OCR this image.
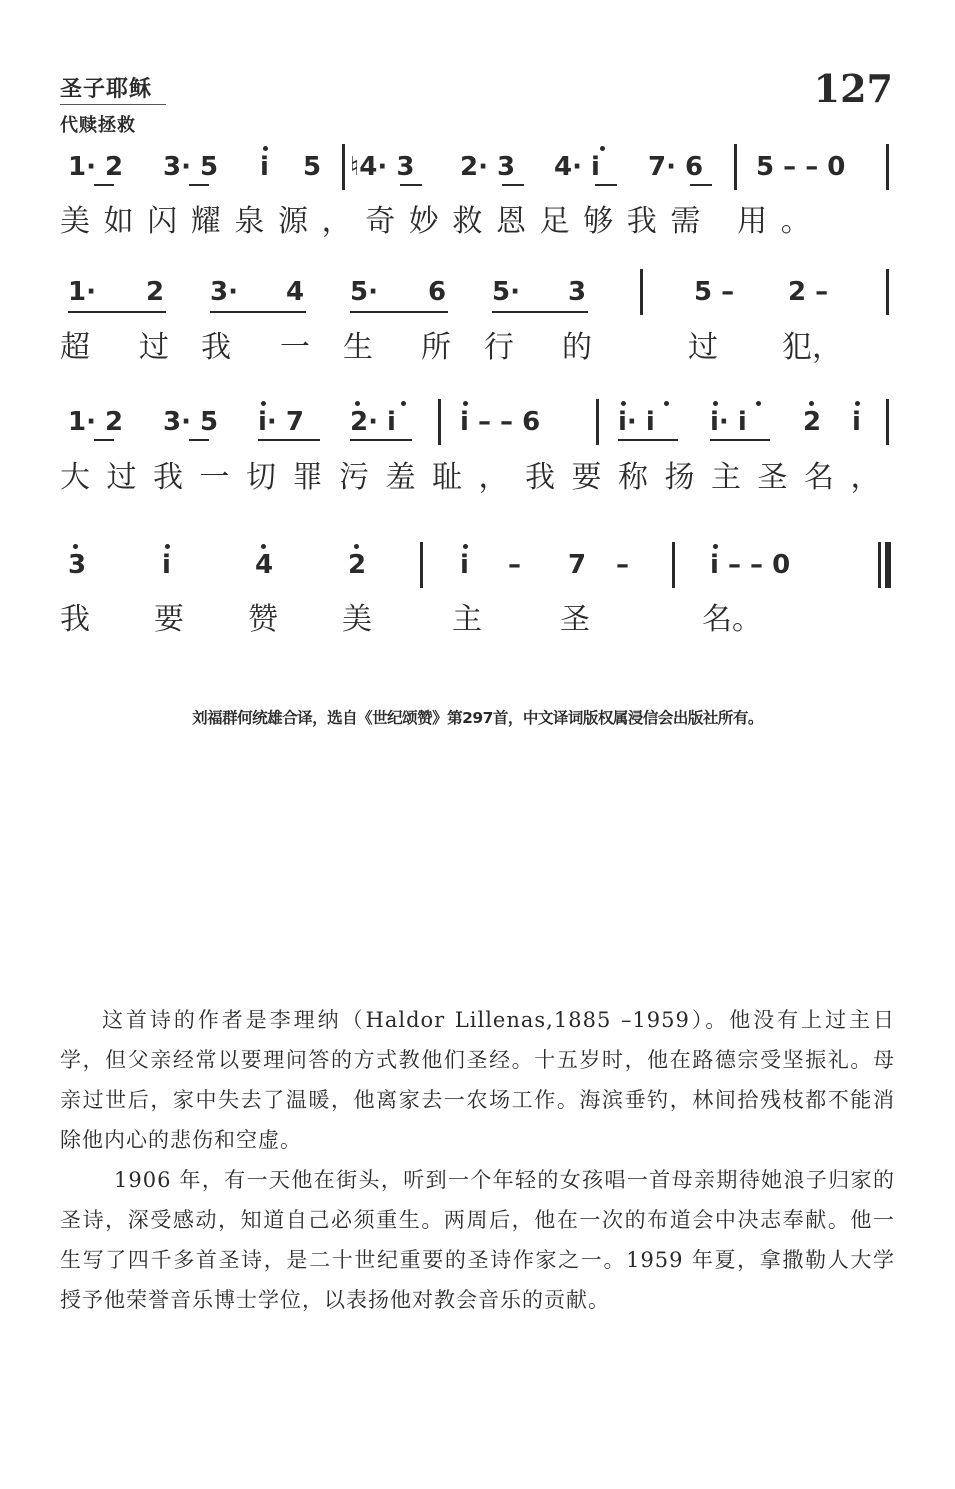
圣子耶稣
代赎拯救
127
1· 2 3· 5 i 5 ♮4· 3 2· 3 4· i 7· 6 5 – – 0
美如闪耀泉源，奇妙救恩足够我需 用。
1· 2 3· 4 5· 6 5· 3	5 – 2 –
超 过 我 一 生 所 行 的	过 犯，
1· 2 3· 5 i· 7 2· i i – – 6	i· i i· i 2 i
大过我一切罪污羞耻，我要称扬主圣名，
3	i	4	2	i – 7 –	i – – 0
我 要 赞 美	主	圣	名。
刘福群何统雄合译，选自《世纪颂赞》第297首，中文译词版权属浸信会出版社所有。
这首诗的作者是李理纳（Haldor Lillenas,1885 –1959）。他没有上过主日学，但父亲经常以要理问答的方式教他们圣经。十五岁时，他在路德宗受坚振礼。母亲过世后，家中失去了温暖，他离家去一农场工作。海滨垂钓，林间拾残枝都不能消除他内心的悲伤和空虚。
1906 年，有一天他在街头，听到一个年轻的女孩唱一首母亲期待她浪子归家的圣诗，深受感动，知道自己必须重生。两周后，他在一次的布道会中决志奉献。他一生写了四千多首圣诗，是二十世纪重要的圣诗作家之一。1959 年夏，拿撒勒人大学授予他荣誉音乐博士学位，以表扬他对教会音乐的贡献。
